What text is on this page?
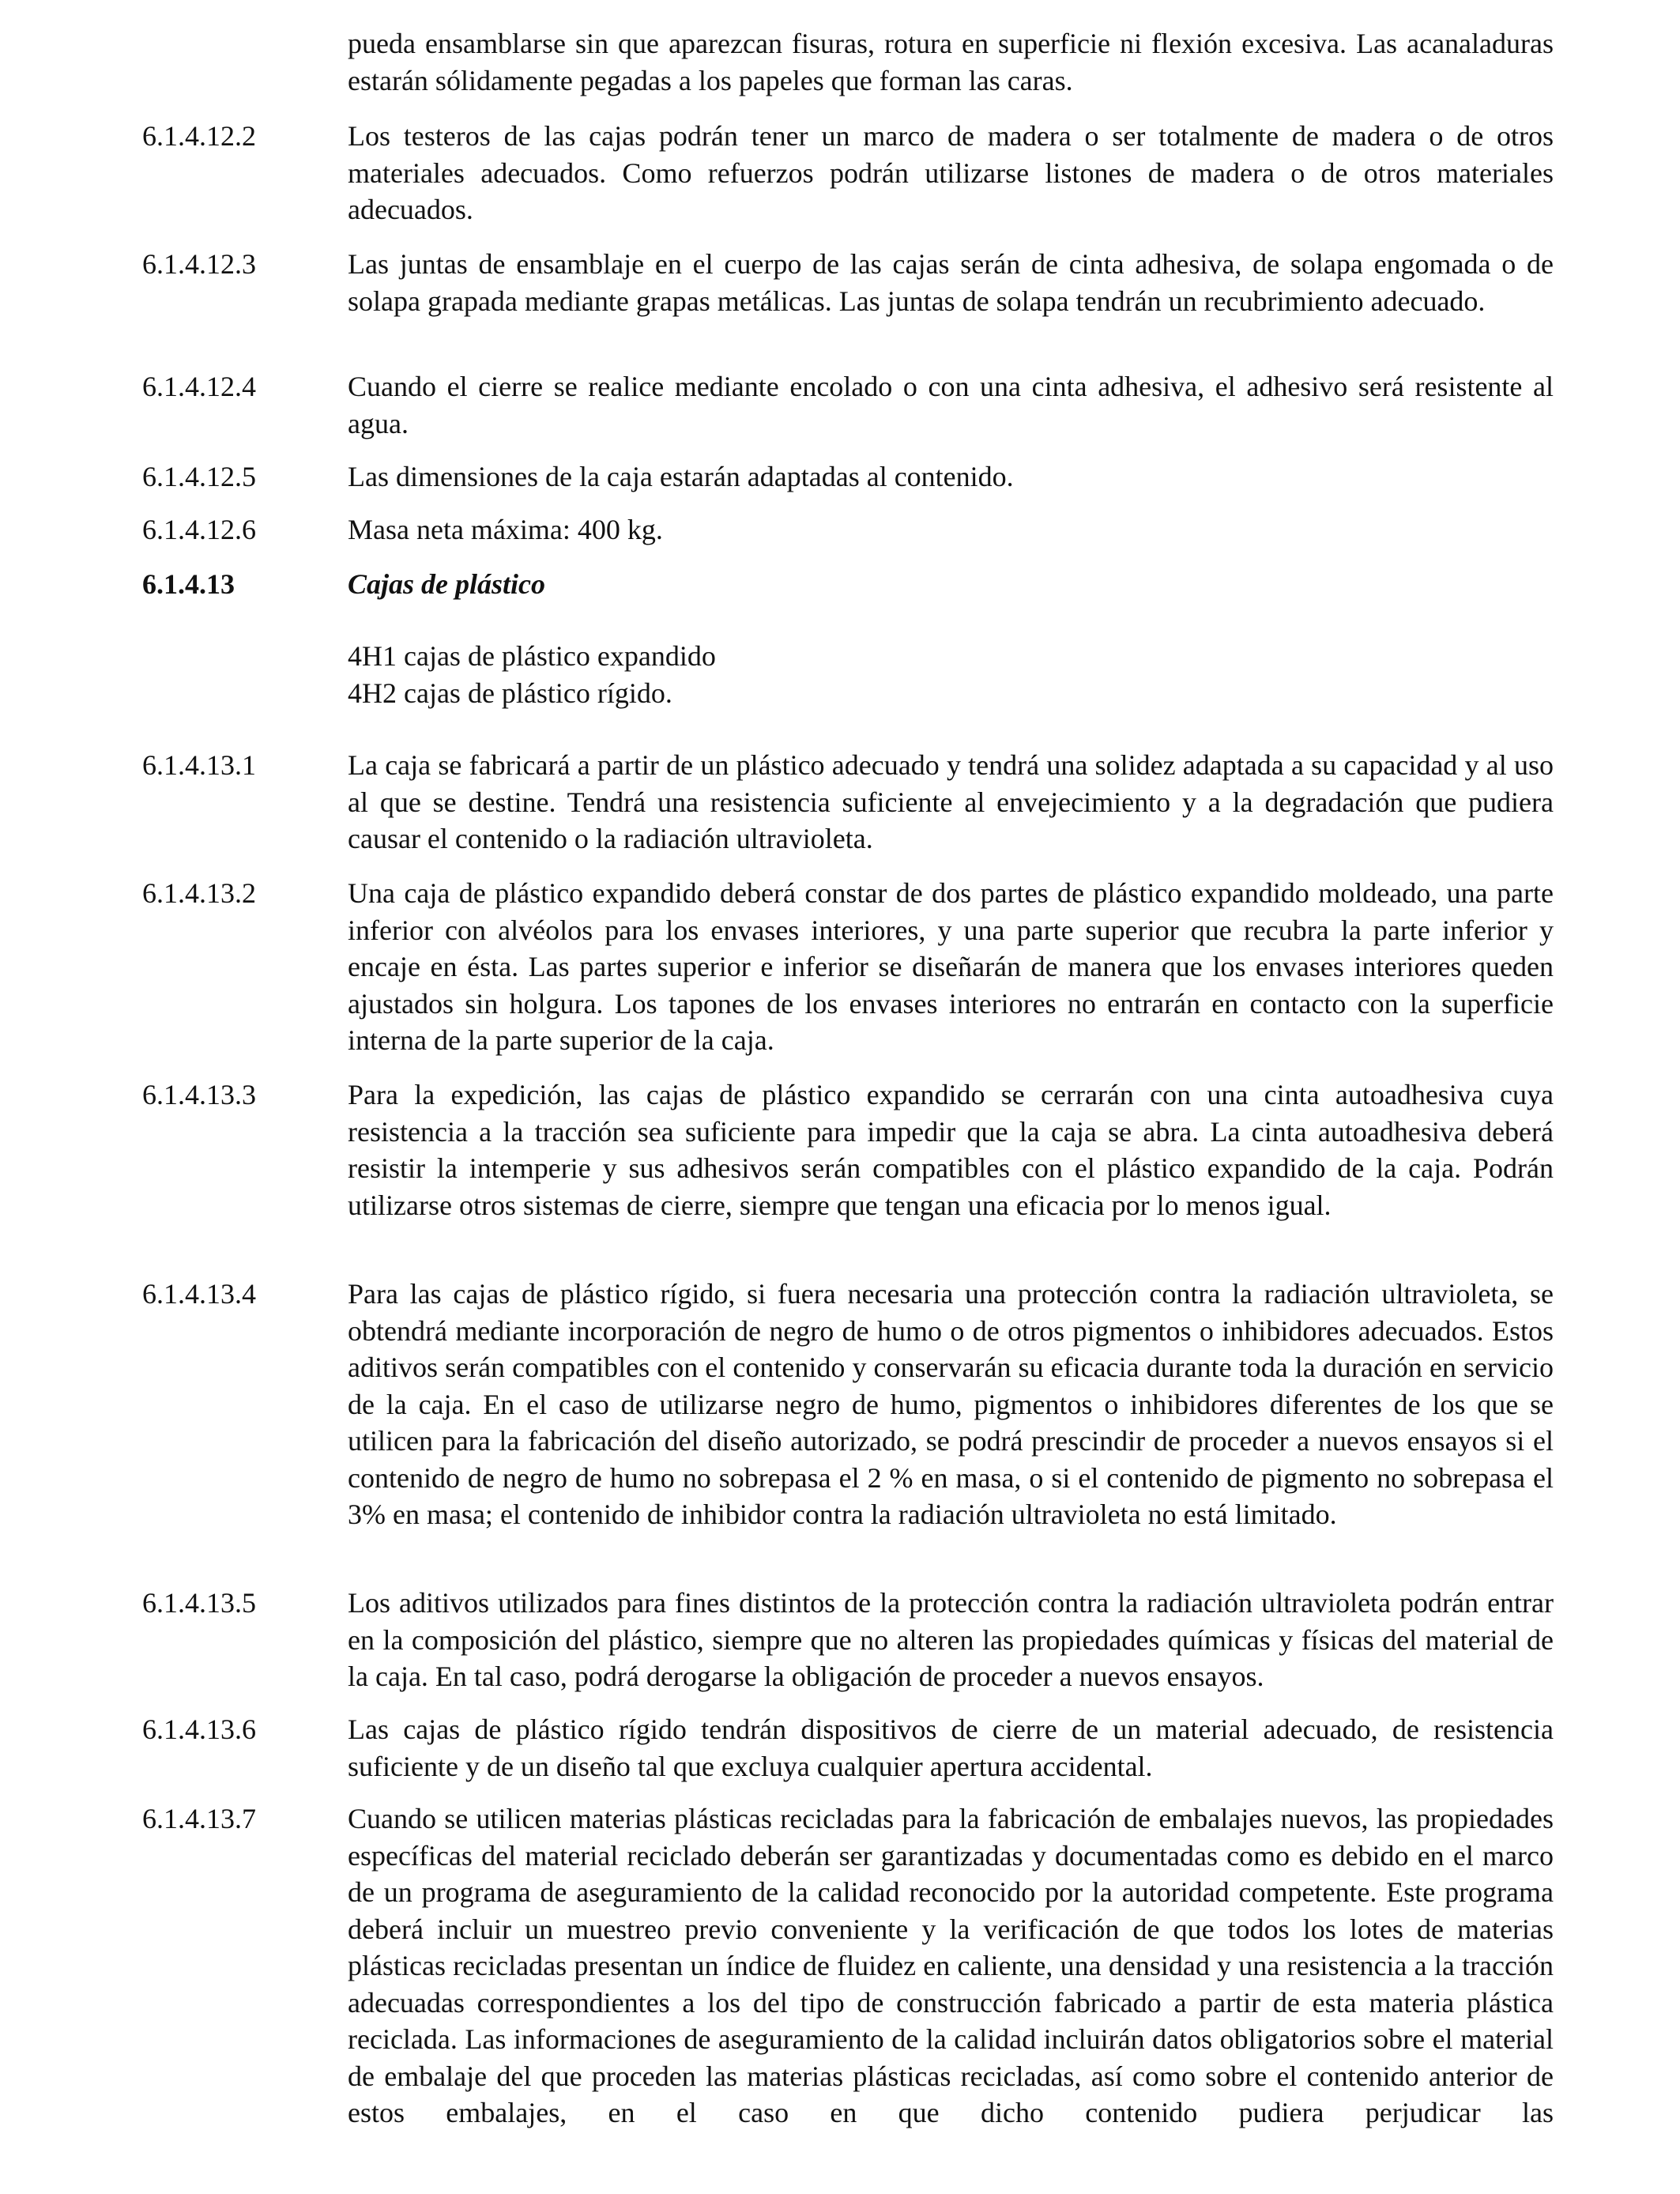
pueda ensamblarse sin que aparezcan fisuras, rotura en superficie ni flexión excesiva. Las acanaladuras estarán sólidamente pegadas a los papeles que forman las caras.
6.1.4.12.2	Los testeros de las cajas podrán tener un marco de madera o ser totalmente de madera o de otros materiales adecuados. Como refuerzos podrán utilizarse listones de madera o de otros materiales adecuados.
6.1.4.12.3	Las juntas de ensamblaje en el cuerpo de las cajas serán de cinta adhesiva, de solapa engomada o de solapa grapada mediante grapas metálicas. Las juntas de solapa tendrán un recubrimiento adecuado.
6.1.4.12.4	Cuando el cierre se realice mediante encolado o con una cinta adhesiva, el adhesivo será resistente al agua.
6.1.4.12.5	Las dimensiones de la caja estarán adaptadas al contenido.
6.1.4.12.6	Masa neta máxima: 400 kg.
6.1.4.13	Cajas de plástico
4H1 cajas de plástico expandido
4H2 cajas de plástico rígido.
6.1.4.13.1	La caja se fabricará a partir de un plástico adecuado y tendrá una solidez adaptada a su capacidad y al uso al que se destine. Tendrá una resistencia suficiente al envejecimiento y a la degradación que pudiera causar el contenido o la radiación ultravioleta.
6.1.4.13.2	Una caja de plástico expandido deberá constar de dos partes de plástico expandido moldeado, una parte inferior con alvéolos para los envases interiores, y una parte superior que recubra la parte inferior y encaje en ésta. Las partes superior e inferior se diseñarán de manera que los envases interiores queden ajustados sin holgura. Los tapones de los envases interiores no entrarán en contacto con la superficie interna de la parte superior de la caja.
6.1.4.13.3	Para la expedición, las cajas de plástico expandido se cerrarán con una cinta autoadhesiva cuya resistencia a la tracción sea suficiente para impedir que la caja se abra. La cinta autoadhesiva deberá resistir la intemperie y sus adhesivos serán compatibles con el plástico expandido de la caja. Podrán utilizarse otros sistemas de cierre, siempre que tengan una eficacia por lo menos igual.
6.1.4.13.4	Para las cajas de plástico rígido, si fuera necesaria una protección contra la radiación ultravioleta, se obtendrá mediante incorporación de negro de humo o de otros pigmentos o inhibidores adecuados. Estos aditivos serán compatibles con el contenido y conservarán su eficacia durante toda la duración en servicio de la caja. En el caso de utilizarse negro de humo, pigmentos o inhibidores diferentes de los que se utilicen para la fabricación del diseño autorizado, se podrá prescindir de proceder a nuevos ensayos si el contenido de negro de humo no sobrepasa el 2 % en masa, o si el contenido de pigmento no sobrepasa el 3% en masa; el contenido de inhibidor contra la radiación ultravioleta no está limitado.
6.1.4.13.5	Los aditivos utilizados para fines distintos de la protección contra la radiación ultravioleta podrán entrar en la composición del plástico, siempre que no alteren las propiedades químicas y físicas del material de la caja. En tal caso, podrá derogarse la obligación de proceder a nuevos ensayos.
6.1.4.13.6	Las cajas de plástico rígido tendrán dispositivos de cierre de un material adecuado, de resistencia suficiente y de un diseño tal que excluya cualquier apertura accidental.
6.1.4.13.7	Cuando se utilicen materias plásticas recicladas para la fabricación de embalajes nuevos, las propiedades específicas del material reciclado deberán ser garantizadas y documentadas como es debido en el marco de un programa de aseguramiento de la calidad reconocido por la autoridad competente. Este programa deberá incluir un muestreo previo conveniente y la verificación de que todos los lotes de materias plásticas recicladas presentan un índice de fluidez en caliente, una densidad y una resistencia a la tracción adecuadas correspondientes a los del tipo de construcción fabricado a partir de esta materia plástica reciclada. Las informaciones de aseguramiento de la calidad incluirán datos obligatorios sobre el material de embalaje del que proceden las materias plásticas recicladas, así como sobre el contenido anterior de estos embalajes, en el caso en que dicho contenido pudiera perjudicar las
